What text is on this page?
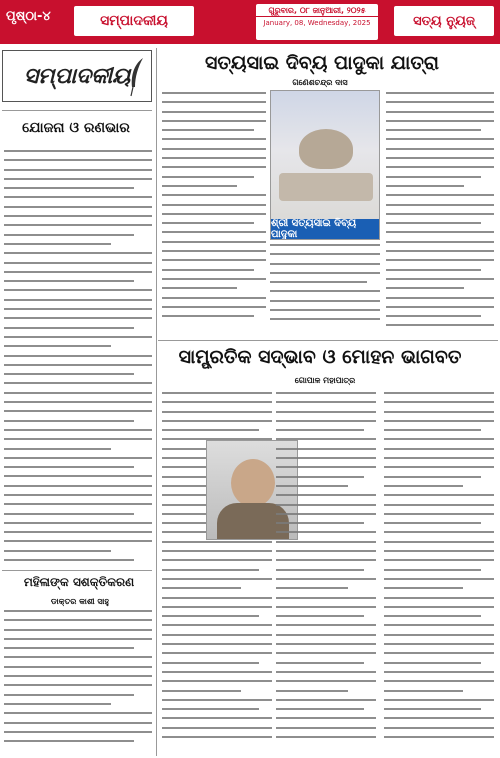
ପୃଷ୍ଠା-୪	ସମ୍ପାଦକୀୟ
ଗୁରୁବାର, ୦୮ ଜାନୁଆରୀ, ୨୦୨୫
January, 08, Wednesday, 2025	ସତ୍ୟ ନ୍ୟୁଜ୍
ସମ୍ପାଦକୀୟ	ସତ୍ୟସାଇ ଦିବ୍ୟ ପାଦୁକା ଯାତ୍ରା
ଗଣେଶଚନ୍ଦ୍ର ଦାସ
ଯୋଜନା ଓ ରଣଭାର
ମହିଳାଙ୍କ ସଶକ୍ତିକରଣ
ଡାକ୍ତର କାଶୀ ସାହୁ
ଶ୍ରୀ ସତ୍ୟସାଇ ଦିବ୍ୟ ପାଦୁକା
ସାମ୍ପ୍ରତିକ ସଦ୍ଭାବ ଓ ମୋହନ ଭାଗବତ
ଗୋପାଳ ମହାପାତ୍ର
